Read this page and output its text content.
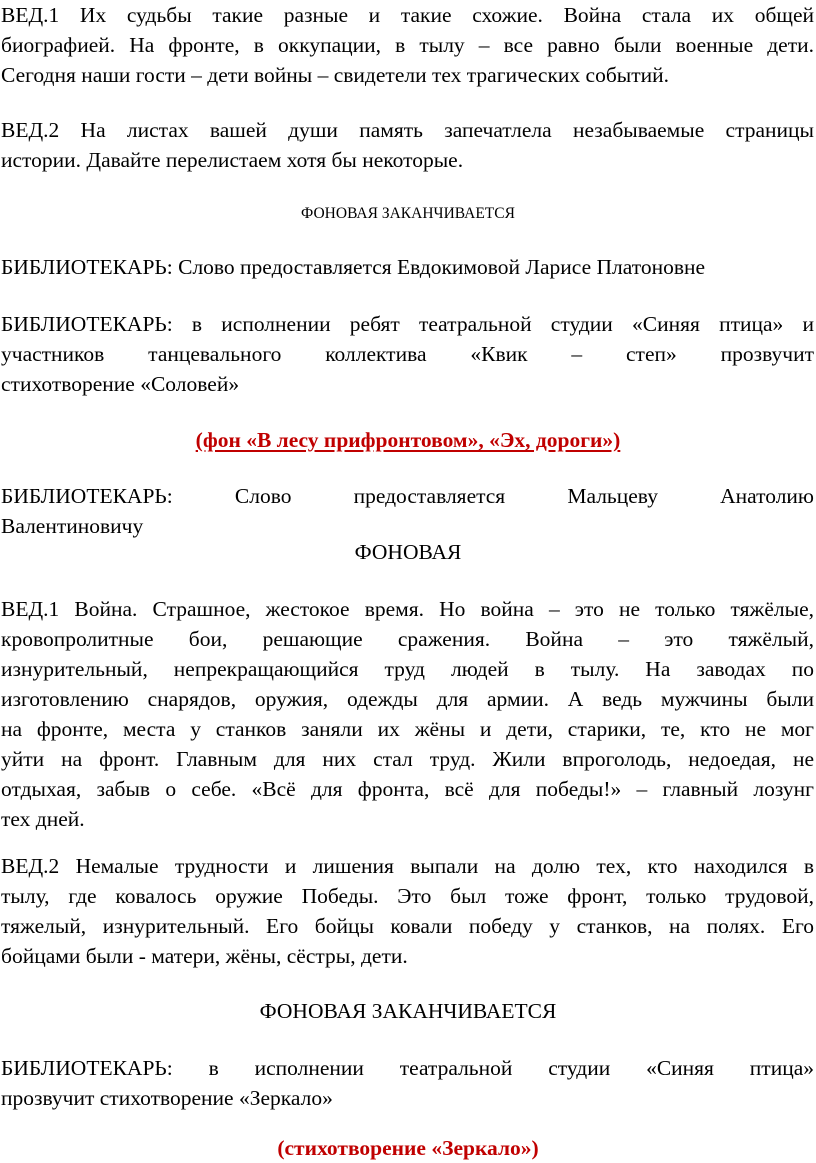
ВЕД.1 Их судьбы такие разные и такие схожие. Война стала их общей
биографией. На фронте, в оккупации, в тылу – все равно были военные дети.
Сегодня наши гости – дети войны – свидетели тех трагических событий.
ВЕД.2 На листах вашей души память запечатлела незабываемые страницы
истории. Давайте перелистаем хотя бы некоторые.
ФОНОВАЯ ЗАКАНЧИВАЕТСЯ
БИБЛИОТЕКАРЬ: Слово предоставляется Евдокимовой Ларисе Платоновне
БИБЛИОТЕКАРЬ: в исполнении ребят театральной студии «Синяя птица» и
участников танцевального коллектива «Квик – степ» прозвучит
стихотворение «Соловей»
(фон «В лесу прифронтовом», «Эх, дороги»)
БИБЛИОТЕКАРЬ: Слово предоставляется Мальцеву Анатолию
Валентиновичу
ФОНОВАЯ
ВЕД.1 Война. Страшное, жестокое время. Но война – это не только тяжёлые,
кровопролитные бои, решающие сражения. Война – это тяжёлый,
изнурительный, непрекращающийся труд людей в тылу. На заводах по
изготовлению снарядов, оружия, одежды для армии. А ведь мужчины были
на фронте, места у станков заняли их жёны и дети, старики, те, кто не мог
уйти на фронт. Главным для них стал труд. Жили впроголодь, недоедая, не
отдыхая, забыв о себе. «Всё для фронта, всё для победы!» – главный лозунг
тех дней.
ВЕД.2 Немалые трудности и лишения выпали на долю тех, кто находился в
тылу, где ковалось оружие Победы. Это был тоже фронт, только трудовой,
тяжелый, изнурительный. Его бойцы ковали победу у станков, на полях. Его
бойцами были - матери, жёны, сёстры, дети.
ФОНОВАЯ ЗАКАНЧИВАЕТСЯ
БИБЛИОТЕКАРЬ: в исполнении театральной студии «Синяя птица»
прозвучит стихотворение «Зеркало»
(стихотворение «Зеркало»)
